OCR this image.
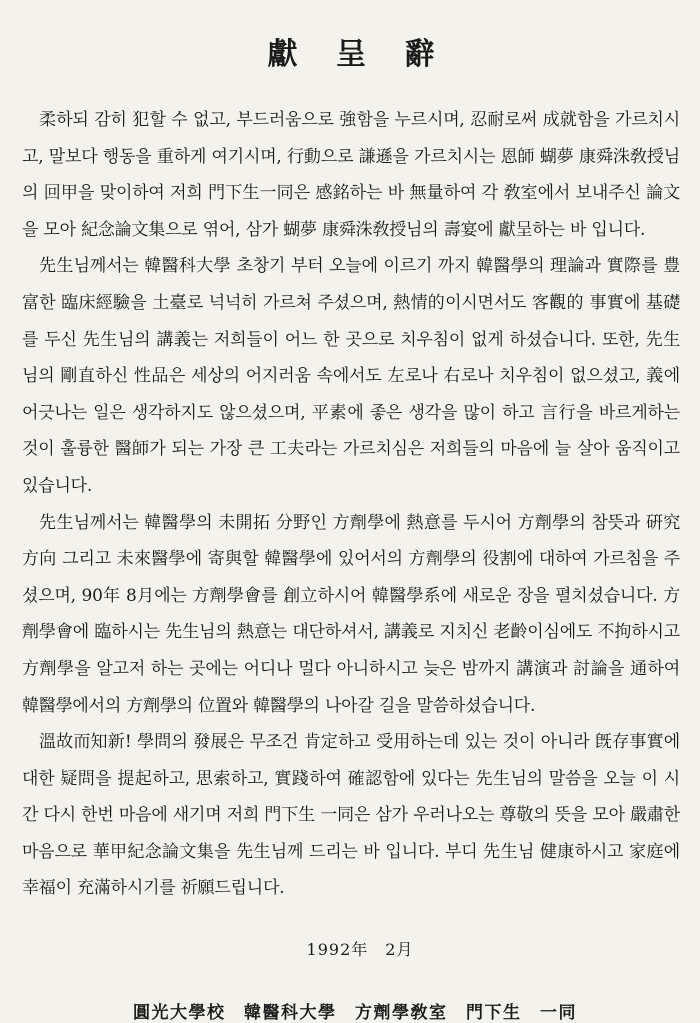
獻 呈 辭

柔하되 감히 犯할 수 없고, 부드러움으로 強함을 누르시며, 忍耐로써 成就함을 가르치시고, 말보다 행동을 重하게 여기시며, 行動으로 謙遜을 가르치시는 恩師 蝴夢 康舜洙敎授님의 回甲을 맞이하여 저희 門下生一同은 感銘하는 바 無量하여 각 敎室에서 보내주신 論文을 모아 紀念論文集으로 엮어, 삼가 蝴夢 康舜洙敎授님의 壽宴에 獻呈하는 바 입니다.

先生님께서는 韓醫科大學 초창기 부터 오늘에 이르기 까지 韓醫學의 理論과 實際를 豊富한 臨床經驗을 土臺로 넉넉히 가르쳐 주셨으며, 熱情的이시면서도 客觀的 事實에 基礎를 두신 先生님의 講義는 저희들이 어느 한 곳으로 치우침이 없게 하셨습니다. 또한, 先生님의 剛直하신 性品은 세상의 어지러움 속에서도 左로나 右로나 치우침이 없으셨고, 義에 어긋나는 일은 생각하지도 않으셨으며, 平素에 좋은 생각을 많이 하고 言行을 바르게하는 것이 훌륭한 醫師가 되는 가장 큰 工夫라는 가르치심은 저희들의 마음에 늘 살아 움직이고 있습니다.

先生님께서는 韓醫學의 未開拓 分野인 方劑學에 熱意를 두시어 方劑學의 참뜻과 硏究方向 그리고 未來醫學에 寄與할 韓醫學에 있어서의 方劑學의 役割에 대하여 가르침을 주셨으며, 90年 8月에는 方劑學會를 創立하시어 韓醫學系에 새로운 장을 펼치셨습니다. 方劑學會에 臨하시는 先生님의 熱意는 대단하셔서, 講義로 지치신 老齡이심에도 不拘하시고 方劑學을 알고저 하는 곳에는 어디나 멀다 아니하시고 늦은 밤까지 講演과 討論을 通하여 韓醫學에서의 方劑學의 位置와 韓醫學의 나아갈 길을 말씀하셨습니다.

溫故而知新! 學問의 發展은 무조건 肯定하고 受用하는데 있는 것이 아니라 旣存事實에 대한 疑問을 提起하고, 思索하고, 實踐하여 確認함에 있다는 先生님의 말씀을 오늘 이 시간 다시 한번 마음에 새기며 저희 門下生 一同은 삼가 우러나오는 尊敬의 뜻을 모아 嚴肅한 마음으로 華甲紀念論文集을 先生님께 드리는 바 입니다. 부디 先生님 健康하시고 家庭에 幸福이 充滿하시기를 祈願드립니다.

1992年　2月
圓光大學校　韓醫科大學　方劑學敎室　門下生　一同
